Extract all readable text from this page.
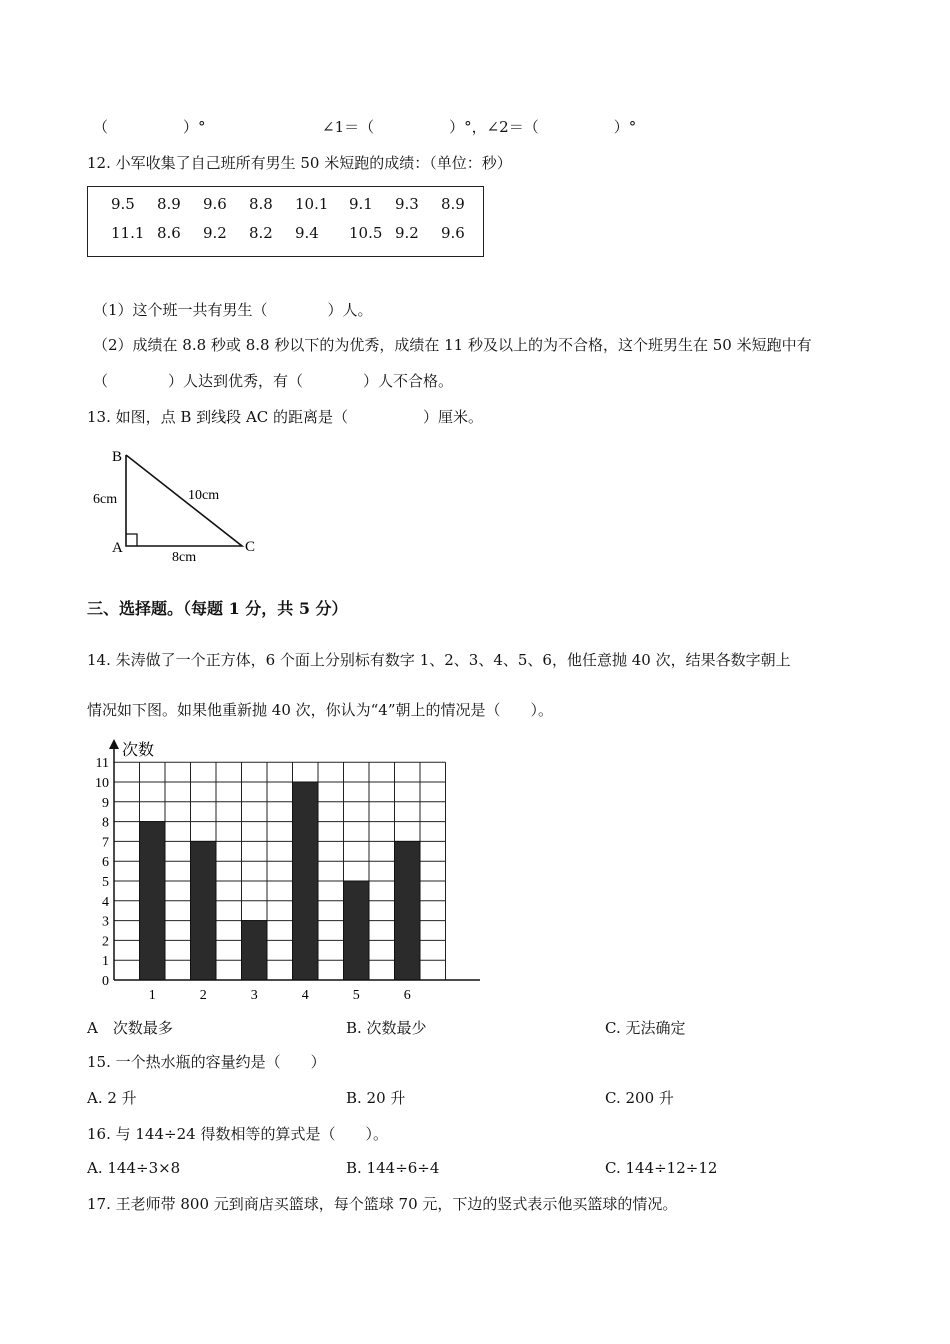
（　　　　　）°	∠1＝（　　　　　）°，∠2＝（　　　　　）°
12. 小军收集了自己班所有男生 50 米短跑的成绩：（单位：秒）
9.5 8.9 9.6 8.8 10.1 9.1 9.3 8.9
11.1 8.6 9.2 8.2 9.4 10.5 9.2 9.6
（1）这个班一共有男生（　　　　）人。
（2）成绩在 8.8 秒或 8.8 秒以下的为优秀，成绩在 11 秒及以上的为不合格，这个班男生在 50 米短跑中有
（　　　　）人达到优秀，有（　　　　）人不合格。
13. 如图，点 B 到线段 AC 的距离是（　　　　　）厘米。
B
A	C
6cm	10cm
8cm
三、选择题。（每题 1 分，共 5 分）
14. 朱涛做了一个正方体，6 个面上分别标有数字 1、2、3、4、5、6，他任意抛 40 次，结果各数字朝上
情况如下图。如果他重新抛 40 次，你认为“4”朝上的情况是（　　）。
1	2	3	4	5	6
0
1
2
3
4
5
6
7
8
9
10
11
次数
A　次数最多	B. 次数最少	C. 无法确定
15. 一个热水瓶的容量约是（　　）
A. 2 升	B. 20 升	C. 200 升
16. 与 144÷24 得数相等的算式是（　　）。
A. 144÷3×8	B. 144÷6÷4	C. 144÷12÷12
17. 王老师带 800 元到商店买篮球，每个篮球 70 元，下边的竖式表示他买篮球的情况。
